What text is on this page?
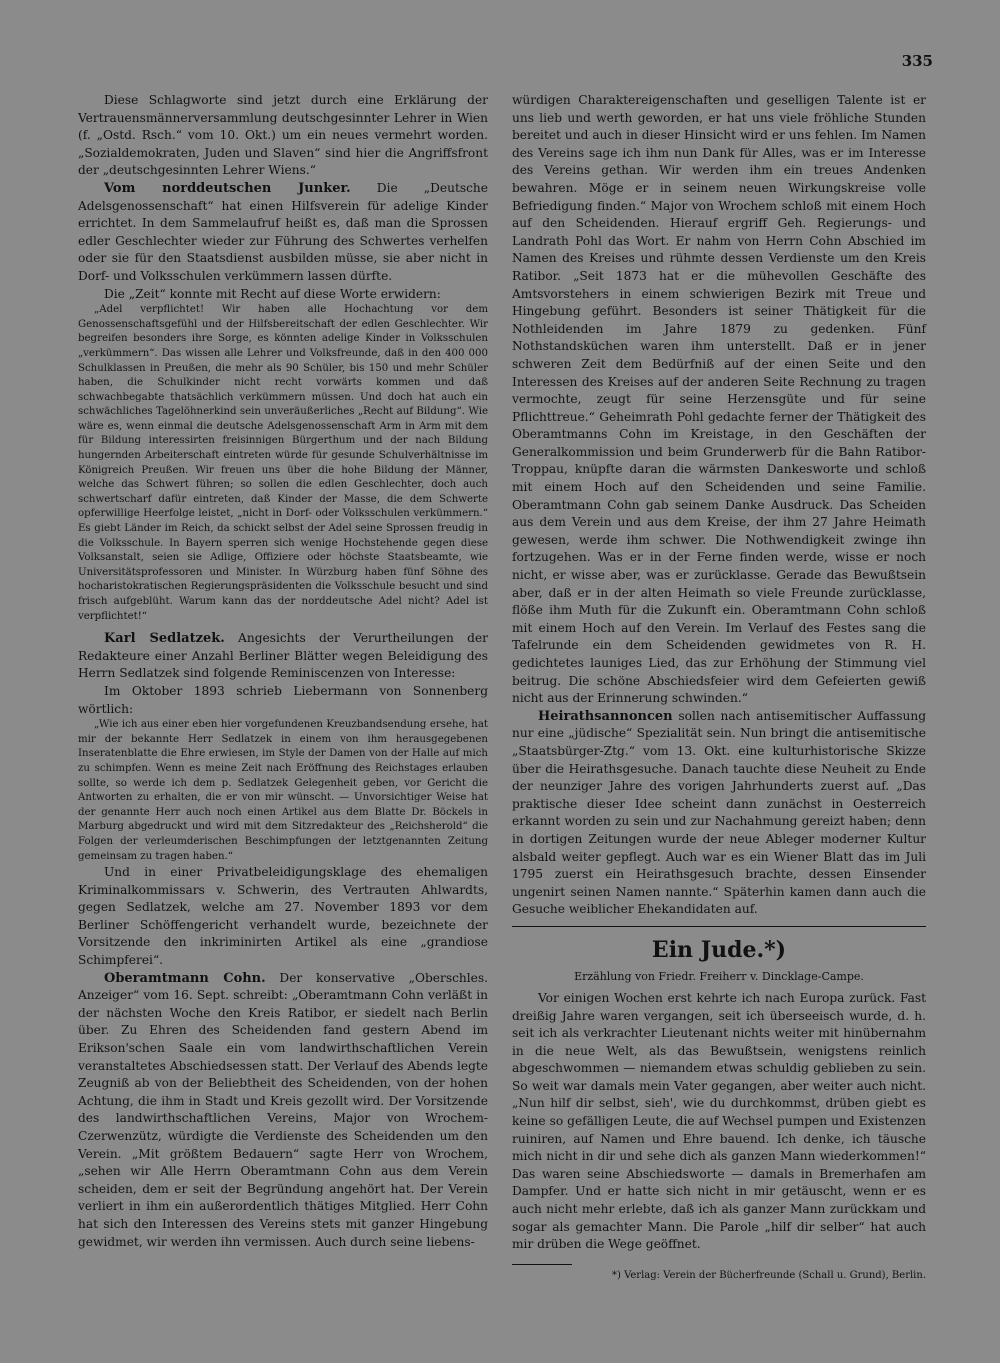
335

Diese Schlagworte sind jetzt durch eine Erklärung der Vertrauensmännerversammlung deutschgesinnter Lehrer in Wien (f. „Ostd. Rsch.“ vom 10. Okt.) um ein neues vermehrt worden. „Sozialdemokraten, Juden und Slaven“ sind hier die Angriffsfront der „deutschgesinnten Lehrer Wiens.“

Vom norddeutschen Junker. Die „Deutsche Adelsgenossenschaft“ hat einen Hilfsverein für adelige Kinder errichtet. In dem Sammelaufruf heißt es, daß man die Sprossen edler Geschlechter wieder zur Führung des Schwertes verhelfen oder sie für den Staatsdienst ausbilden müsse, sie aber nicht in Dorf- und Volksschulen verkümmern lassen dürfte.

Die „Zeit“ konnte mit Recht auf diese Worte erwidern:

„Adel verpflichtet! Wir haben alle Hochachtung vor dem Genossenschaftsgefühl und der Hilfsbereitschaft der edlen Geschlechter. Wir begreifen besonders ihre Sorge, es könnten adelige Kinder in Volksschulen „verkümmern“. Das wissen alle Lehrer und Volksfreunde, daß in den 400 000 Schulklassen in Preußen, die mehr als 90 Schüler, bis 150 und mehr Schüler haben, die Schulkinder nicht recht vorwärts kommen und daß schwachbegabte thatsächlich verkümmern müssen. Und doch hat auch ein schwächliches Tagelöhnerkind sein unveräußerliches „Recht auf Bildung“. Wie wäre es, wenn einmal die deutsche Adelsgenossenschaft Arm in Arm mit dem für Bildung interessirten freisinnigen Bürgerthum und der nach Bildung hungernden Arbeiterschaft eintreten würde für gesunde Schulverhältnisse im Königreich Preußen. Wir freuen uns über die hohe Bildung der Männer, welche das Schwert führen; so sollen die edlen Geschlechter, doch auch schwertscharf dafür eintreten, daß Kinder der Masse, die dem Schwerte opferwillige Heerfolge leistet, „nicht in Dorf- oder Volksschulen verkümmern.“ Es giebt Länder im Reich, da schickt selbst der Adel seine Sprossen freudig in die Volksschule. In Bayern sperren sich wenige Hochstehende gegen diese Volksanstalt, seien sie Adlige, Offiziere oder höchste Staatsbeamte, wie Universitätsprofessoren und Minister. In Würzburg haben fünf Söhne des hocharistokratischen Regierungspräsidenten die Volksschule besucht und sind frisch aufgeblüht. Warum kann das der norddeutsche Adel nicht? Adel ist verpflichtet!“

Karl Sedlatzek. Angesichts der Verurtheilungen der Redakteure einer Anzahl Berliner Blätter wegen Beleidigung des Herrn Sedlatzek sind folgende Reminiscenzen von Interesse:

Im Oktober 1893 schrieb Liebermann von Sonnenberg wörtlich:

„Wie ich aus einer eben hier vorgefundenen Kreuzbandsendung ersehe, hat mir der bekannte Herr Sedlatzek in einem von ihm herausgegebenen Inseratenblatte die Ehre erwiesen, im Style der Damen von der Halle auf mich zu schimpfen. Wenn es meine Zeit nach Eröffnung des Reichstages erlauben sollte, so werde ich dem p. Sedlatzek Gelegenheit geben, vor Gericht die Antworten zu erhalten, die er von mir wünscht. — Unvorsichtiger Weise hat der genannte Herr auch noch einen Artikel aus dem Blatte Dr. Böckels in Marburg abgedruckt und wird mit dem Sitzredakteur des „Reichsherold“ die Folgen der verleumderischen Beschimpfungen der letztgenannten Zeitung gemeinsam zu tragen haben.“

Und in einer Privatbeleidigungsklage des ehemaligen Kriminalkommissars v. Schwerin, des Vertrauten Ahlwardts, gegen Sedlatzek, welche am 27. November 1893 vor dem Berliner Schöffengericht verhandelt wurde, bezeichnete der Vorsitzende den inkriminirten Artikel als eine „grandiose Schimpferei“.

Oberamtmann Cohn. Der konservative „Oberschles. Anzeiger“ vom 16. Sept. schreibt: „Oberamtmann Cohn verläßt in der nächsten Woche den Kreis Ratibor, er siedelt nach Berlin über. Zu Ehren des Scheidenden fand gestern Abend im Erikson'schen Saale ein vom landwirthschaftlichen Verein veranstaltetes Abschiedsessen statt. Der Verlauf des Abends legte Zeugniß ab von der Beliebtheit des Scheidenden, von der hohen Achtung, die ihm in Stadt und Kreis gezollt wird. Der Vorsitzende des landwirthschaftlichen Vereins, Major von Wrochem-Czerwenzütz, würdigte die Verdienste des Scheidenden um den Verein. „Mit größtem Bedauern“ sagte Herr von Wrochem, „sehen wir Alle Herrn Oberamtmann Cohn aus dem Verein scheiden, dem er seit der Begründung angehört hat. Der Verein verliert in ihm ein außerordentlich thätiges Mitglied. Herr Cohn hat sich den Interessen des Vereins stets mit ganzer Hingebung gewidmet, wir werden ihn vermissen. Auch durch seine liebens-

würdigen Charaktereigenschaften und geselligen Talente ist er uns lieb und werth geworden, er hat uns viele fröhliche Stunden bereitet und auch in dieser Hinsicht wird er uns fehlen. Im Namen des Vereins sage ich ihm nun Dank für Alles, was er im Interesse des Vereins gethan. Wir werden ihm ein treues Andenken bewahren. Möge er in seinem neuen Wirkungskreise volle Befriedigung finden.“ Major von Wrochem schloß mit einem Hoch auf den Scheidenden. Hierauf ergriff Geh. Regierungs- und Landrath Pohl das Wort. Er nahm von Herrn Cohn Abschied im Namen des Kreises und rühmte dessen Verdienste um den Kreis Ratibor. „Seit 1873 hat er die mühevollen Geschäfte des Amtsvorstehers in einem schwierigen Bezirk mit Treue und Hingebung geführt. Besonders ist seiner Thätigkeit für die Nothleidenden im Jahre 1879 zu gedenken. Fünf Nothstandsküchen waren ihm unterstellt. Daß er in jener schweren Zeit dem Bedürfniß auf der einen Seite und den Interessen des Kreises auf der anderen Seite Rechnung zu tragen vermochte, zeugt für seine Herzensgüte und für seine Pflichttreue.“ Geheimrath Pohl gedachte ferner der Thätigkeit des Oberamtmanns Cohn im Kreistage, in den Geschäften der Generalkommission und beim Grunderwerb für die Bahn Ratibor-Troppau, knüpfte daran die wärmsten Dankesworte und schloß mit einem Hoch auf den Scheidenden und seine Familie. Oberamtmann Cohn gab seinem Danke Ausdruck. Das Scheiden aus dem Verein und aus dem Kreise, der ihm 27 Jahre Heimath gewesen, werde ihm schwer. Die Nothwendigkeit zwinge ihn fortzugehen. Was er in der Ferne finden werde, wisse er noch nicht, er wisse aber, was er zurücklasse. Gerade das Bewußtsein aber, daß er in der alten Heimath so viele Freunde zurücklasse, flöße ihm Muth für die Zukunft ein. Oberamtmann Cohn schloß mit einem Hoch auf den Verein. Im Verlauf des Festes sang die Tafelrunde ein dem Scheidenden gewidmetes von R. H. gedichtetes launiges Lied, das zur Erhöhung der Stimmung viel beitrug. Die schöne Abschiedsfeier wird dem Gefeierten gewiß nicht aus der Erinnerung schwinden.“

Heirathsannoncen sollen nach antisemitischer Auffassung nur eine „jüdische“ Spezialität sein. Nun bringt die antisemitische „Staatsbürger-Ztg.“ vom 13. Okt. eine kulturhistorische Skizze über die Heirathsgesuche. Danach tauchte diese Neuheit zu Ende der neunziger Jahre des vorigen Jahrhunderts zuerst auf. „Das praktische dieser Idee scheint dann zunächst in Oesterreich erkannt worden zu sein und zur Nachahmung gereizt haben; denn in dortigen Zeitungen wurde der neue Ableger moderner Kultur alsbald weiter gepflegt. Auch war es ein Wiener Blatt das im Juli 1795 zuerst ein Heirathsgesuch brachte, dessen Einsender ungenirt seinen Namen nannte.“ Späterhin kamen dann auch die Gesuche weiblicher Ehekandidaten auf.

Ein Jude.*)
Erzählung von Friedr. Freiherr v. Dincklage-Campe.

Vor einigen Wochen erst kehrte ich nach Europa zurück. Fast dreißig Jahre waren vergangen, seit ich überseeisch wurde, d. h. seit ich als verkrachter Lieutenant nichts weiter mit hinübernahm in die neue Welt, als das Bewußtsein, wenigstens reinlich abgeschwommen — niemandem etwas schuldig geblieben zu sein. So weit war damals mein Vater gegangen, aber weiter auch nicht. „Nun hilf dir selbst, sieh', wie du durchkommst, drüben giebt es keine so gefälligen Leute, die auf Wechsel pumpen und Existenzen ruiniren, auf Namen und Ehre bauend. Ich denke, ich täusche mich nicht in dir und sehe dich als ganzen Mann wiederkommen!“ Das waren seine Abschiedsworte — damals in Bremerhafen am Dampfer. Und er hatte sich nicht in mir getäuscht, wenn er es auch nicht mehr erlebte, daß ich als ganzer Mann zurückkam und sogar als gemachter Mann. Die Parole „hilf dir selber“ hat auch mir drüben die Wege geöffnet.

*) Verlag: Verein der Bücherfreunde (Schall u. Grund), Berlin.
